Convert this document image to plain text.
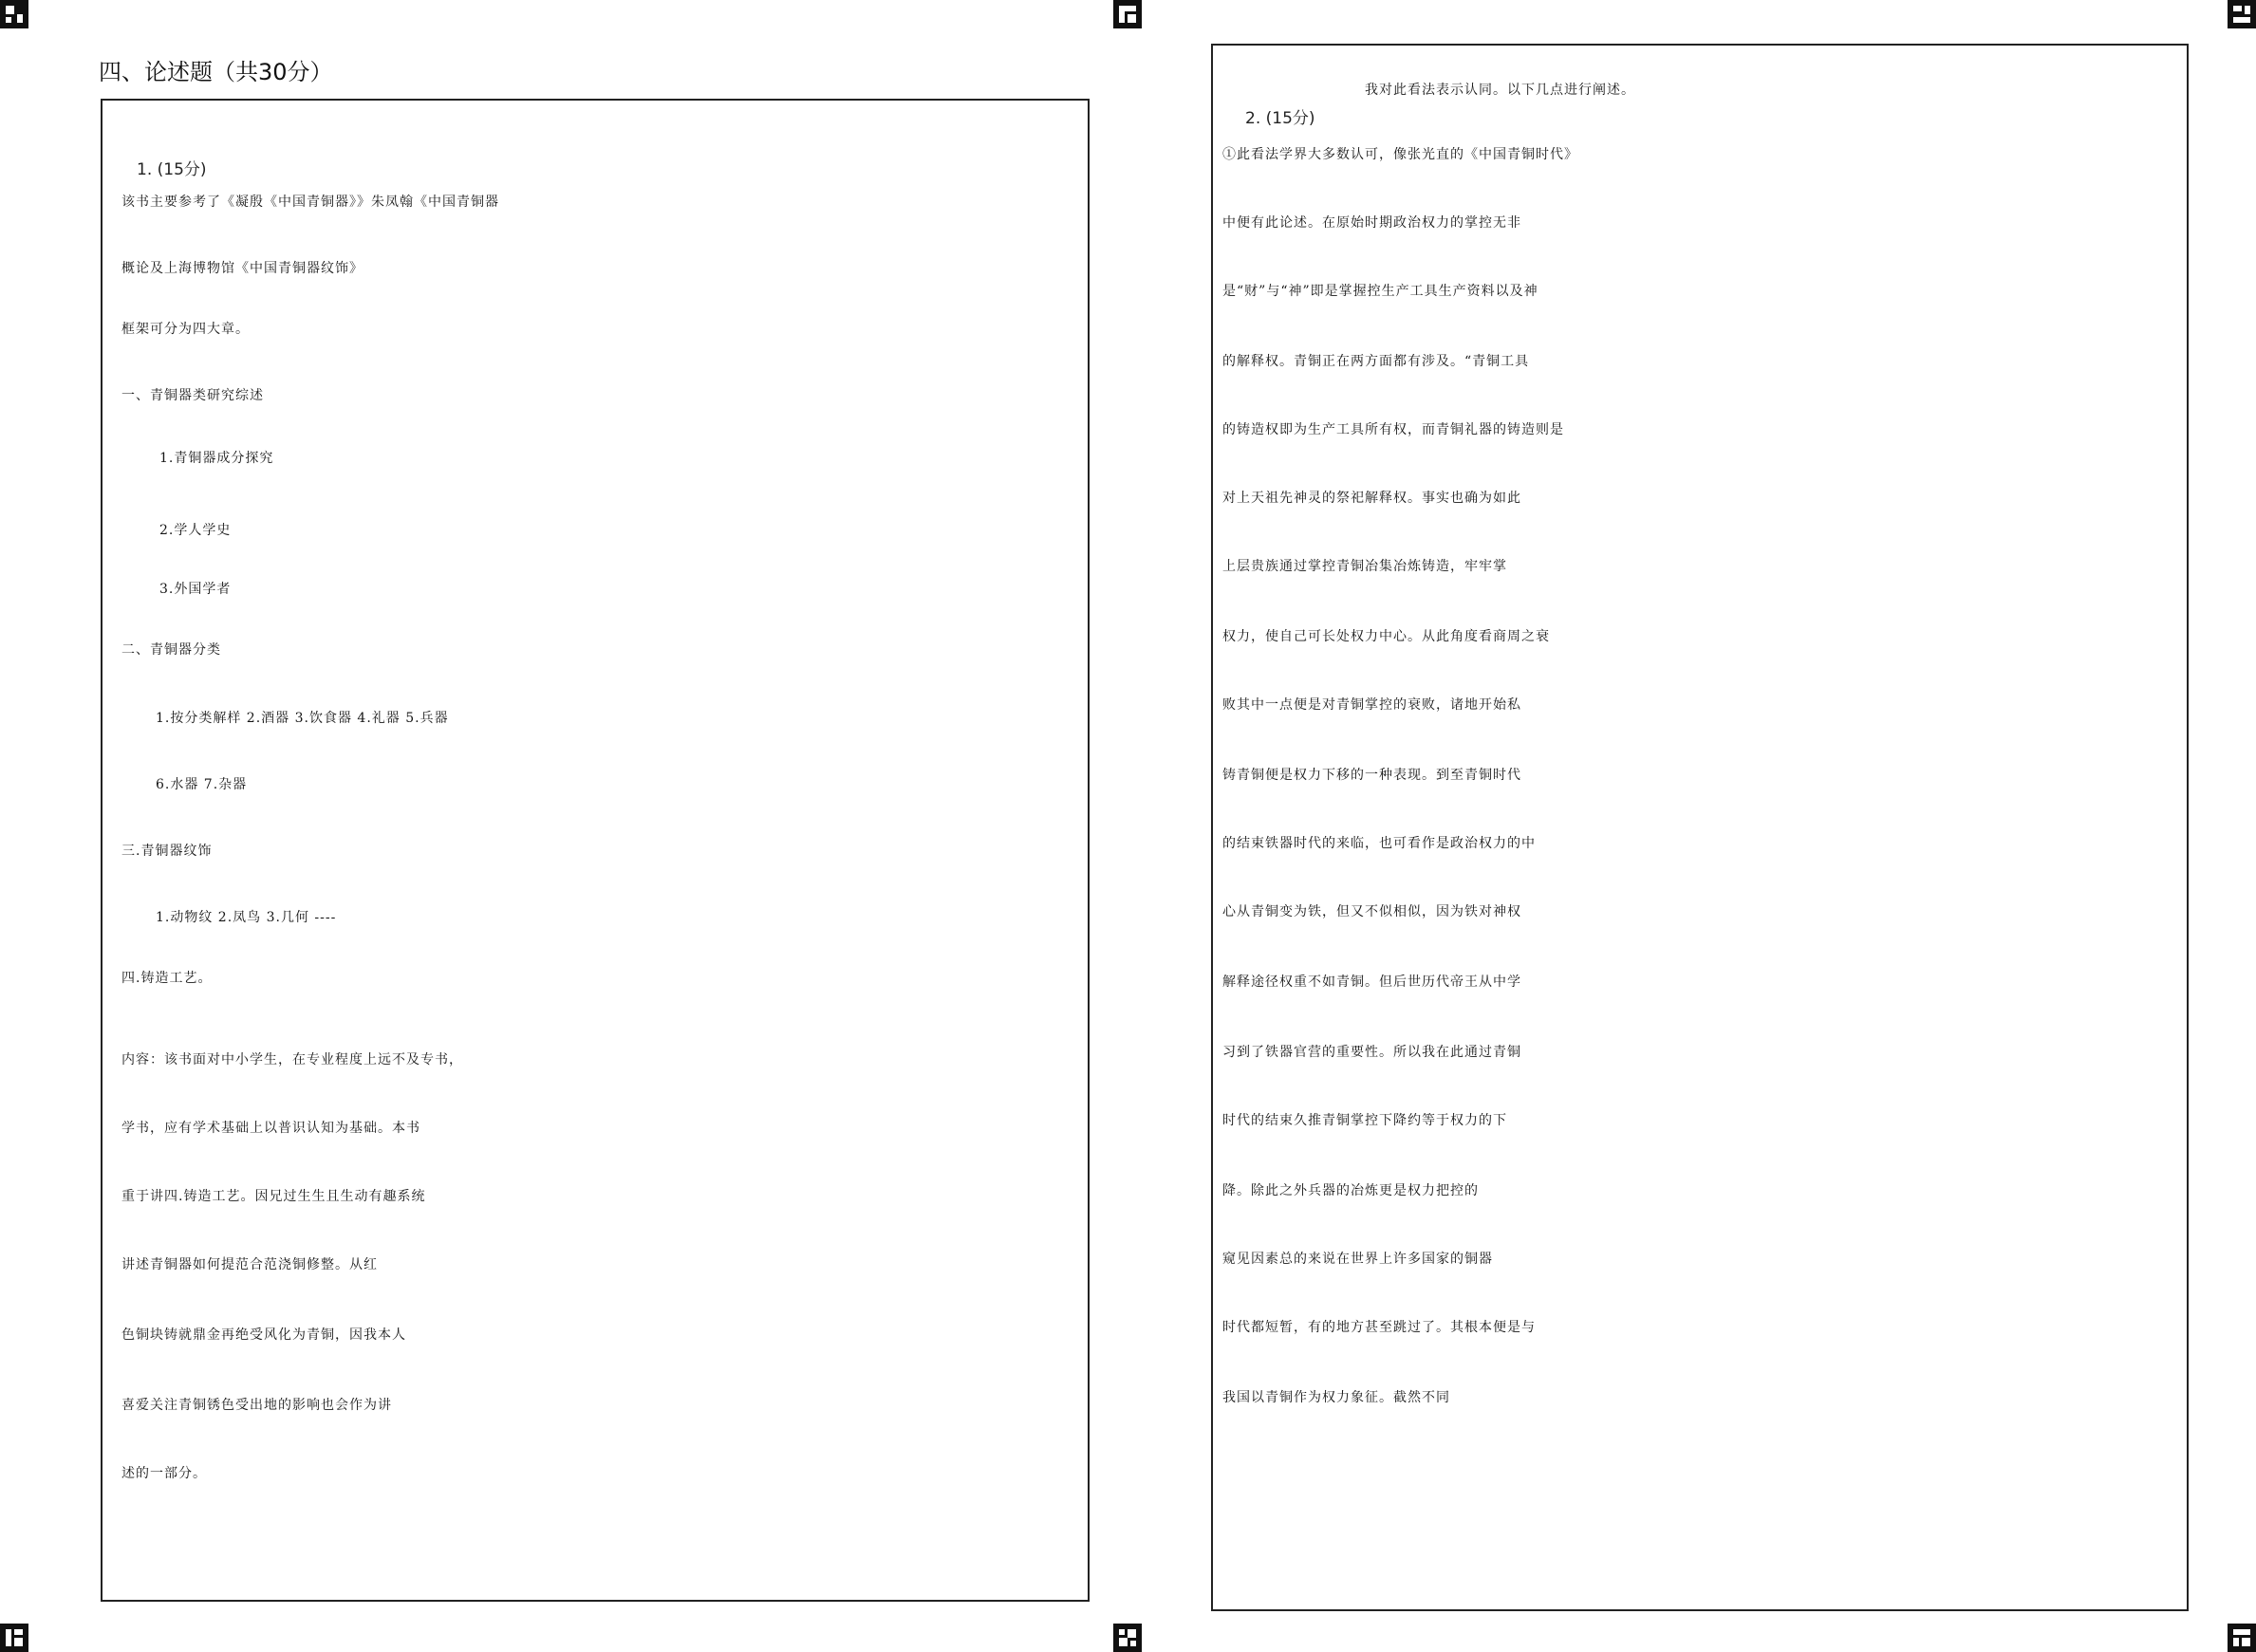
四、论述题（共30分）
1. (15分)
该书主要参考了《凝殷《中国青铜器》》朱凤翰《中国青铜器
概论及上海博物馆《中国青铜器纹饰》
框架可分为四大章。
一、青铜器类研究综述
1.青铜器成分探究
2.学人学史
3.外国学者
二、青铜器分类
1.按分类解样 2.酒器 3.饮食器 4.礼器 5.兵器
6.水器 7.杂器
三.青铜器纹饰
1.动物纹 2.凤鸟 3.几何 ----
四.铸造工艺。
内容：该书面对中小学生，在专业程度上远不及专书，
学书，应有学术基础上以普识认知为基础。本书
重于讲四.铸造工艺。因兄过生生且生动有趣系统
讲述青铜器如何提范合范浇铜修整。从红
色铜块铸就鼎金再绝受风化为青铜，因我本人
喜爱关注青铜锈色受出地的影响也会作为讲
述的一部分。
2. (15分)
我对此看法表示认同。以下几点进行阐述。
①此看法学界大多数认可，像张光直的《中国青铜时代》
中便有此论述。在原始时期政治权力的掌控无非
是“财”与“神”即是掌握控生产工具生产资料以及神
的解释权。青铜正在两方面都有涉及。“青铜工具
的铸造权即为生产工具所有权，而青铜礼器的铸造则是
对上天祖先神灵的祭祀解释权。事实也确为如此
上层贵族通过掌控青铜冶集冶炼铸造，牢牢掌
权力，使自己可长处权力中心。从此角度看商周之衰
败其中一点便是对青铜掌控的衰败，诸地开始私
铸青铜便是权力下移的一种表现。到至青铜时代
的结束铁器时代的来临，也可看作是政治权力的中
心从青铜变为铁，但又不似相似，因为铁对神权
解释途径权重不如青铜。但后世历代帝王从中学
习到了铁器官营的重要性。所以我在此通过青铜
时代的结束久推青铜掌控下降约等于权力的下
降。除此之外兵器的冶炼更是权力把控的
窥见因素总的来说在世界上许多国家的铜器
时代都短暂，有的地方甚至跳过了。其根本便是与
我国以青铜作为权力象征。截然不同
